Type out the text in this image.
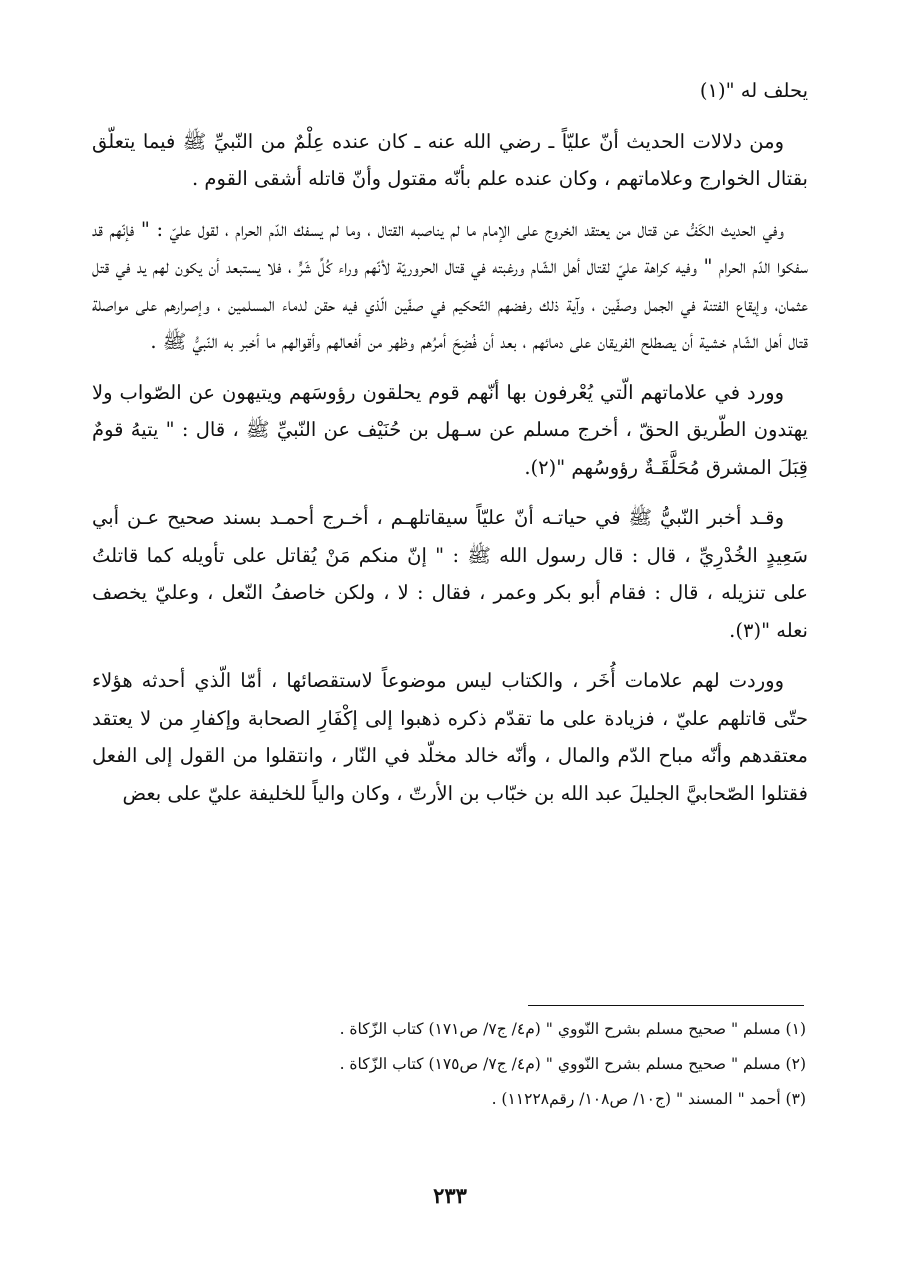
يحلف له "(١)

ومن دلالات الحديث أنّ عليّاً ـ رضي الله عنه ـ كان عنده عِلْمٌ من النّبيِّ ﷺ فيما يتعلّق بقتال الخوارج وعلاماتهم ، وكان عنده علم بأنّه مقتول وأنّ قاتله أشقى القوم .

وفي الحديث الكَفُّ عن قتال من يعتقد الخروج على الإمام ما لم يناصبه القتال ، وما لم يسفك الدّم الحرام ، لقول عليّ : " فإنّهم قد سفكوا الدّم الحرام " وفيه كراهة عليّ لقتال أهل الشّام ورغبته في قتال الحروريّة لأنّهم وراء كُلِّ شَرٍّ ، فلا يستبعد أن يكون لهم يد في قتل عثمان، وإيقاع الفتنة في الجمل وصفّين ، وآية ذلك رفضهم التّحكيم في صفّين الّذي فيه حقن لدماء المسلمين ، وإصرارهم على مواصلة قتال أهل الشّام خشية أن يصطلح الفريقان على دمائهم ، بعد أن فُضِحَ أمرُهم وظهر من أفعالهم وأقوالهم ما أخبر به النّبيُّ ﷺ .

وورد في علاماتهم الّتي يُعْرفون بها أنّهم قوم يحلقون رؤوسَهم ويتيهون عن الصّواب ولا يهتدون الطّريق الحقّ ، أخرج مسلم عن سـهل بن حُنَيْف عن النّبيِّ ﷺ ، قال : " يتيهُ قومٌ قِبَلَ المشرق مُحَلَّقَـةٌ رؤوسُهم "(٢).

وقـد أخبر النّبيُّ ﷺ في حياتـه أنّ عليّاً سيقاتلهـم ، أخـرج أحمـد بسند صحيح عـن أبي سَعِيدٍ الخُدْرِيِّ ، قال : قال رسول الله ﷺ : " إنّ منكم مَنْ يُقاتل على تأويله كما قاتلتُ على تنزيله ، قال : فقام أبو بكر وعمر ، فقال : لا ، ولكن خاصفُ النّعل ، وعليّ يخصف نعله "(٣).

ووردت لهم علامات أُخَر ، والكتاب ليس موضوعاً لاستقصائها ، أمّا الّذي أحدثه هؤلاء حتّى قاتلهم عليّ ، فزيادة على ما تقدّم ذكره ذهبوا إلى إكْفَارِ الصحابة وإكفارِ من لا يعتقد معتقدهم وأنّه مباح الدّم والمال ، وأنّه خالد مخلّد في النّار ، وانتقلوا من القول إلى الفعل فقتلوا الصّحابيَّ الجليلَ عبد الله بن خبّاب بن الأرتّ ، وكان والياً للخليفة عليّ على بعض

(١) مسلم " صحيح مسلم بشرح النّووي " (م٤/ ج٧/ ص١٧١) كتاب الزّكاة .
(٢) مسلم " صحيح مسلم بشرح النّووي " (م٤/ ج٧/ ص١٧٥) كتاب الزّكاة .
(٣) أحمد " المسند " (ج١٠/ ص١٠٨/ رقم١١٢٢٨) .
٢٣٣
